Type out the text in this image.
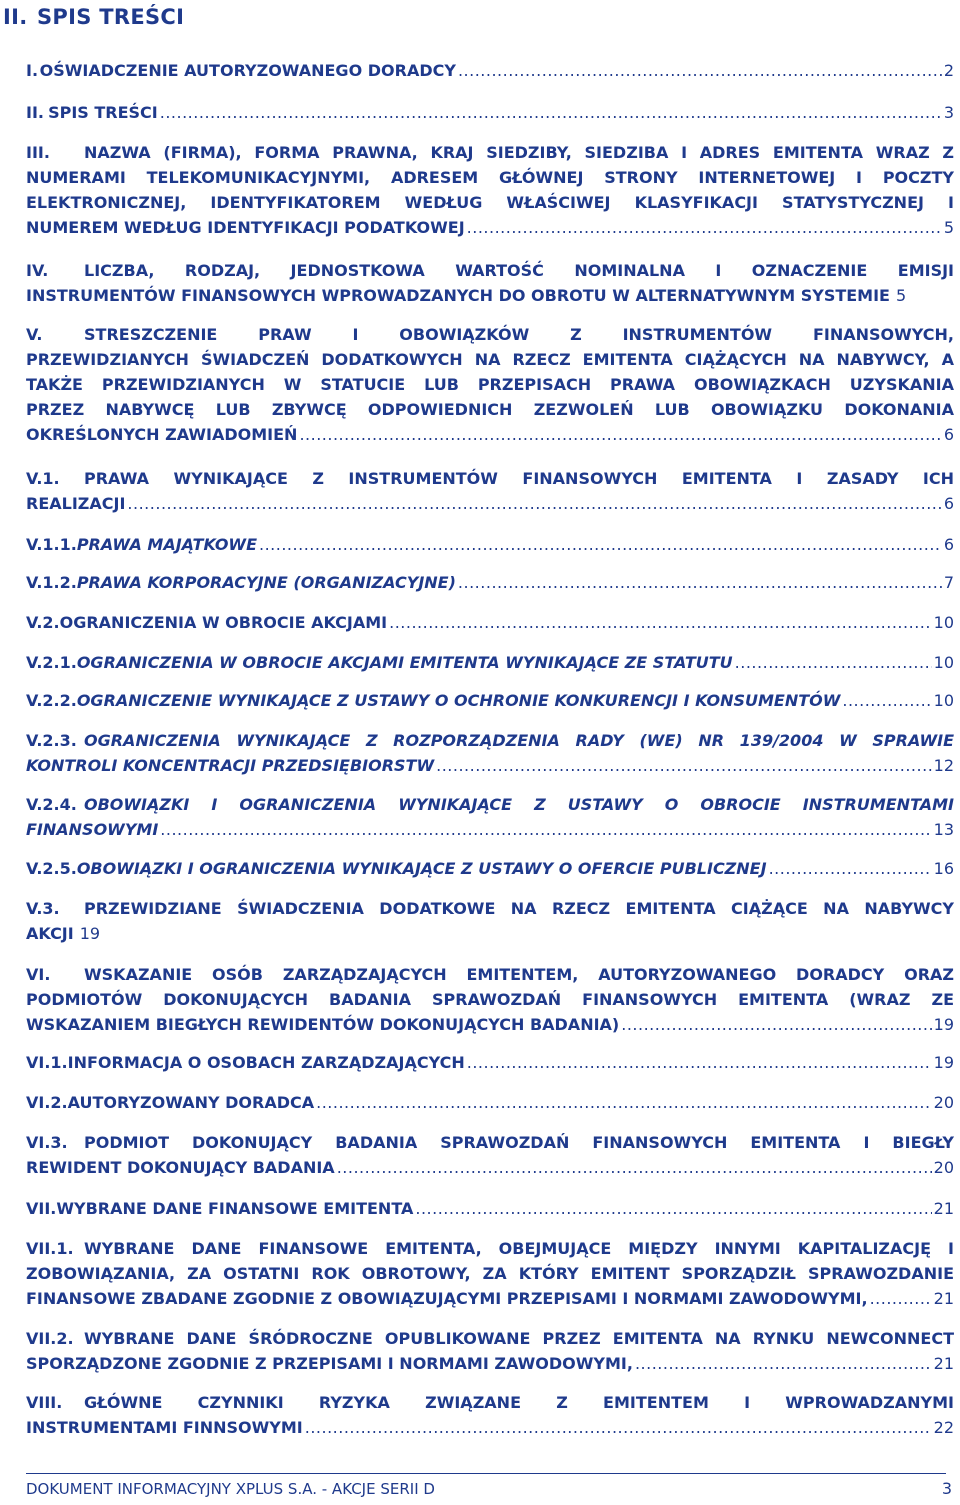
II. SPIS TREŚCI
I. OŚWIADCZENIE AUTORYZOWANEGO DORADCY .....	2
II. SPIS TREŚCI .....	3
III. NAZWA (FIRMA), FORMA PRAWNA, KRAJ SIEDZIBY, SIEDZIBA I ADRES EMITENTA WRAZ Z
NUMERAMI TELEKOMUNIKACYJNYMI, ADRESEM GŁÓWNEJ STRONY INTERNETOWEJ I POCZTY
ELEKTRONICZNEJ, IDENTYFIKATOREM WEDŁUG WŁAŚCIWEJ KLASYFIKACJI STATYSTYCZNEJ I
NUMEREM WEDŁUG IDENTYFIKACJI PODATKOWEJ .....	5
IV. LICZBA, RODZAJ, JEDNOSTKOWA WARTOŚĆ NOMINALNA I OZNACZENIE EMISJI
INSTRUMENTÓW FINANSOWYCH WPROWADZANYCH DO OBROTU W ALTERNATYWNYM SYSTEMIE 5
V.	STRESZCZENIE PRAW I OBOWIĄZKÓW Z INSTRUMENTÓW FINANSOWYCH,
PRZEWIDZIANYCH ŚWIADCZEŃ DODATKOWYCH NA RZECZ EMITENTA CIĄŻĄCYCH NA NABYWCY, A
TAKŻE PRZEWIDZIANYCH W STATUCIE LUB PRZEPISACH PRAWA OBOWIĄZKACH UZYSKANIA
PRZEZ NABYWCĘ LUB ZBYWCĘ ODPOWIEDNICH ZEZWOLEŃ LUB OBOWIĄZKU DOKONANIA
OKREŚLONYCH ZAWIADOMIEŃ .....	6
V.1. PRAWA WYNIKAJĄCE Z INSTRUMENTÓW FINANSOWYCH EMITENTA I ZASADY ICH
REALIZACJI .....	6
V.1.1. PRAWA MAJĄTKOWE .....	6
V.1.2. PRAWA KORPORACYJNE (ORGANIZACYJNE) .....	7
V.2. OGRANICZENIA W OBROCIE AKCJAMI .....	10
V.2.1. OGRANICZENIA W OBROCIE AKCJAMI EMITENTA WYNIKAJĄCE ZE STATUTU .....	10
V.2.2. OGRANICZENIE WYNIKAJĄCE Z USTAWY O OCHRONIE KONKURENCJI I KONSUMENTÓW .....	10
V.2.3. OGRANICZENIA WYNIKAJĄCE Z ROZPORZĄDZENIA RADY (WE) NR 139/2004 W SPRAWIE
KONTROLI KONCENTRACJI PRZEDSIĘBIORSTW .....	12
V.2.4. OBOWIĄZKI I OGRANICZENIA WYNIKAJĄCE Z USTAWY O OBROCIE INSTRUMENTAMI
FINANSOWYMI .....	13
V.2.5. OBOWIĄZKI I OGRANICZENIA WYNIKAJĄCE Z USTAWY O OFERCIE PUBLICZNEJ .....	16
V.3. PRZEWIDZIANE ŚWIADCZENIA DODATKOWE NA RZECZ EMITENTA CIĄŻĄCE NA NABYWCY
AKCJI 19
VI. WSKAZANIE OSÓB ZARZĄDZAJĄCYCH EMITENTEM, AUTORYZOWANEGO DORADCY ORAZ
PODMIOTÓW DOKONUJĄCYCH BADANIA SPRAWOZDAŃ FINANSOWYCH EMITENTA (WRAZ ZE
WSKAZANIEM BIEGŁYCH REWIDENTÓW DOKONUJĄCYCH BADANIA) .....	19
VI.1. INFORMACJA O OSOBACH ZARZĄDZAJĄCYCH .....	19
VI.2. AUTORYZOWANY DORADCA .....	20
VI.3. PODMIOT DOKONUJĄCY BADANIA SPRAWOZDAŃ FINANSOWYCH EMITENTA I BIEGŁY
REWIDENT DOKONUJĄCY BADANIA .....	20
VII. WYBRANE DANE FINANSOWE EMITENTA .....	21
VII.1. WYBRANE DANE FINANSOWE EMITENTA, OBEJMUJĄCE MIĘDZY INNYMI KAPITALIZACJĘ I
ZOBOWIĄZANIA, ZA OSTATNI ROK OBROTOWY, ZA KTÓRY EMITENT SPORZĄDZIŁ SPRAWOZDANIE
FINANSOWE ZBADANE ZGODNIE Z OBOWIĄZUJĄCYMI PRZEPISAMI I NORMAMI ZAWODOWYMI, .....	21
VII.2. WYBRANE DANE ŚRÓDROCZNE OPUBLIKOWANE PRZEZ EMITENTA NA RYNKU NEWCONNECT
SPORZĄDZONE ZGODNIE Z PRZEPISAMI I NORMAMI ZAWODOWYMI, .....	21
VIII. GŁÓWNE CZYNNIKI RYZYKA ZWIĄZANE Z EMITENTEM I WPROWADZANYMI
INSTRUMENTAMI FINNSOWYMI .....	22
DOKUMENT INFORMACYJNY XPLUS S.A. - AKCJE SERII D	3
